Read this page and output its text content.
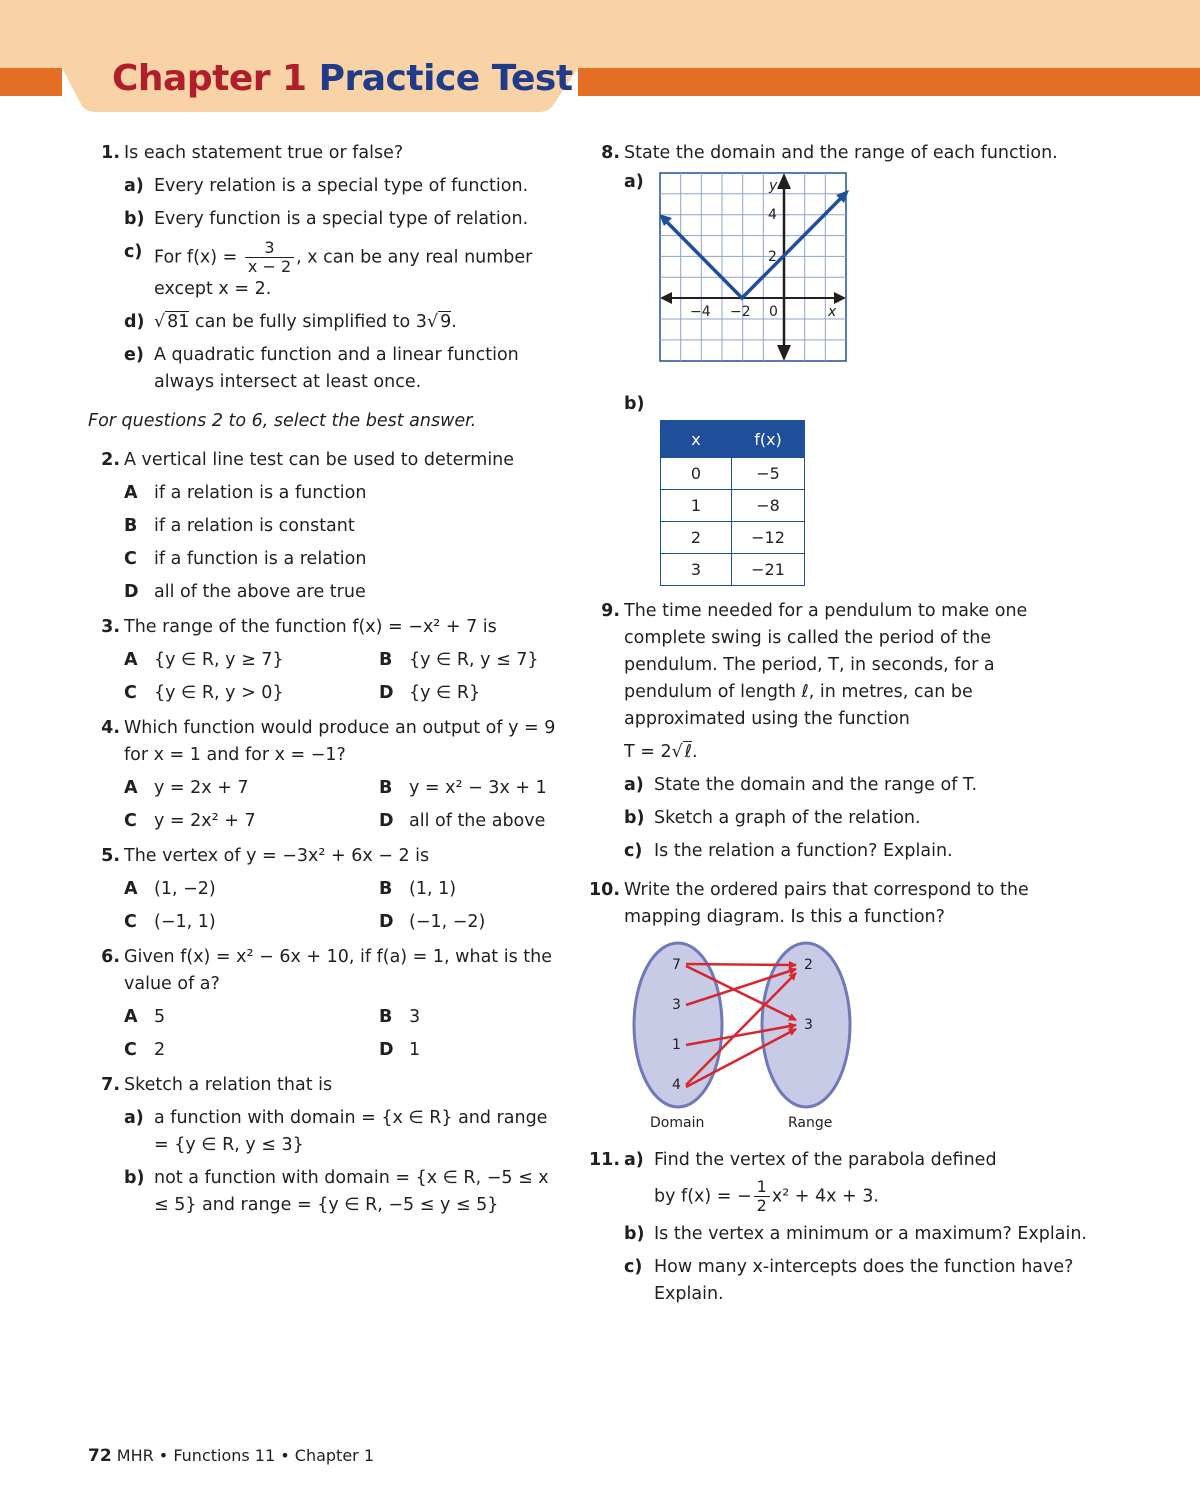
Chapter 1 Practice Test
1. Is each statement true or false?
a) Every relation is a special type of function.
b) Every function is a special type of relation.
c) For $f(x) = \frac{3}{x - 2}$ , x can be any real number except x = 2.
d) √ 81 can be fully simplified to 3√ 9.
e) A quadratic function and a linear function always intersect at least once.
For questions 2 to 6, select the best answer.
2. A vertical line test can be used to determine
A if a relation is a function
B if a relation is constant
C if a function is a relation
D all of the above are true
3. The range of the function f(x) = −x² + 7 is
A {y ∈ R, y ≥ 7}	B {y ∈ R, y ≤ 7}
C {y ∈ R, y > 0}	D {y ∈ R}
4. Which function would produce an output of y = 9 for x = 1 and for x = −1?
A y = 2x + 7	B y = x² − 3x + 1
C y = 2x² + 7	D all of the above
5. The vertex of y = −3x² + 6x − 2 is
A (1, −2)	B (1, 1)
C (−1, 1)	D (−1, −2)
6. Given f(x) = x² − 6x + 10, if f(a) = 1, what is the value of a?
A 5	B 3
C 2	D 1
7. Sketch a relation that is
a) a function with domain = {x ∈ R} and range = {y ∈ R, y ≤ 3}
b) not a function with domain = {x ∈ R, −5 ≤ x ≤ 5} and range = {y ∈ R, −5 ≤ y ≤ 5}
8. State the domain and the range of each function.
a)	y
x
4
2
−4 −2 0
b)
x	f(x)
0	−5
1	−8
2	−12
3	−21
9. The time needed for a pendulum to make one complete swing is called the period of the pendulum. The period, T, in seconds, for a pendulum of length ℓ, in metres, can be approximated using the function
T = 2√ ℓ.
a) State the domain and the range of T.
b) Sketch a graph of the relation.
c) Is the relation a function? Explain.
10. Write the ordered pairs that correspond to the mapping diagram. Is this a function?
7
3
1
4
2
3
Domain	Range
11. a) Find the vertex of the parabola defined
by f(x) = − $\frac{1}{2} x^2 + 4x + 3$.
b) Is the vertex a minimum or a maximum? Explain.
c) How many x-intercepts does the function have? Explain.
72 MHR • Functions 11 • Chapter 1
